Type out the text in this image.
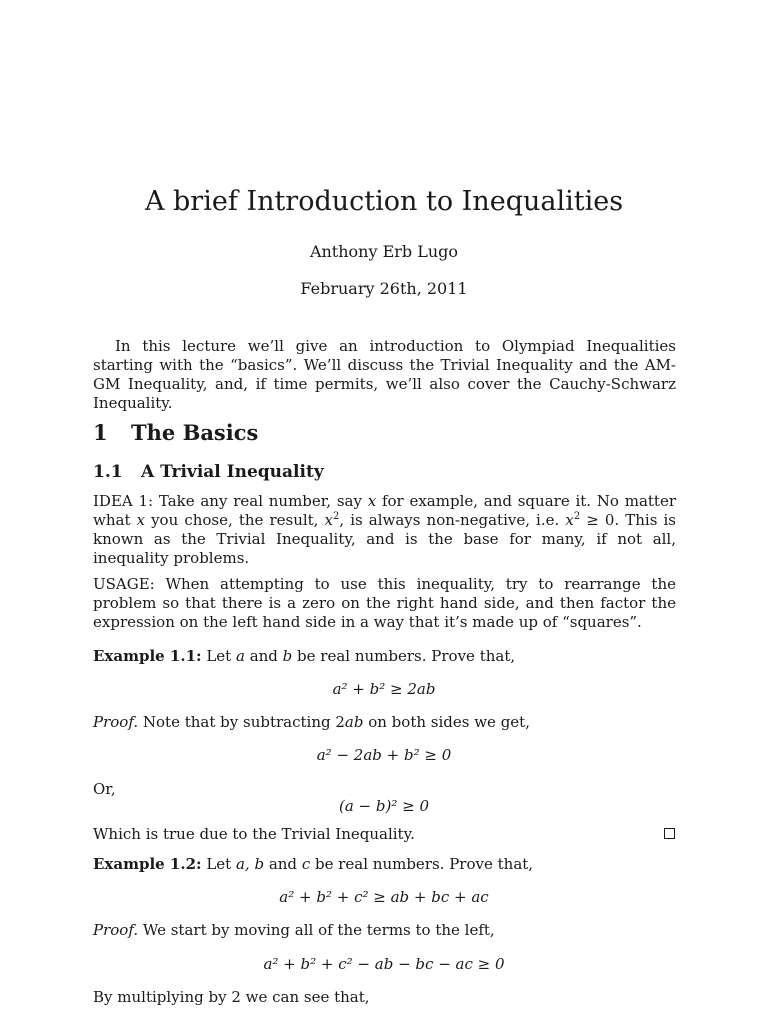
A brief Introduction to Inequalities
Anthony Erb Lugo
February 26th, 2011
In this lecture we’ll give an introduction to Olympiad Inequalities starting with the “basics”. We’ll discuss the Trivial Inequality and the AM-GM Inequality, and, if time permits, we’ll also cover the Cauchy-Schwarz Inequality.
1 The Basics
1.1 A Trivial Inequality
IDEA 1: Take any real number, say x for example, and square it. No matter what x you chose, the result, $x^2$, is always non-negative, i.e. $x^2 \ge 0$. This is known as the Trivial Inequality, and is the base for many, if not all, inequality problems.
USAGE: When attempting to use this inequality, try to rearrange the problem so that there is a zero on the right hand side, and then factor the expression on the left hand side in a way that it’s made up of “squares”.
Example 1.1: Let a and b be real numbers. Prove that,
a² + b² ≥ 2ab
Proof. Note that by subtracting 2ab on both sides we get,
a² − 2ab + b² ≥ 0
Or,
(a − b)² ≥ 0
Which is true due to the Trivial Inequality.
Example 1.2: Let a, b and c be real numbers. Prove that,
a² + b² + c² ≥ ab + bc + ac
Proof. We start by moving all of the terms to the left,
a² + b² + c² − ab − bc − ac ≥ 0
By multiplying by 2 we can see that,
